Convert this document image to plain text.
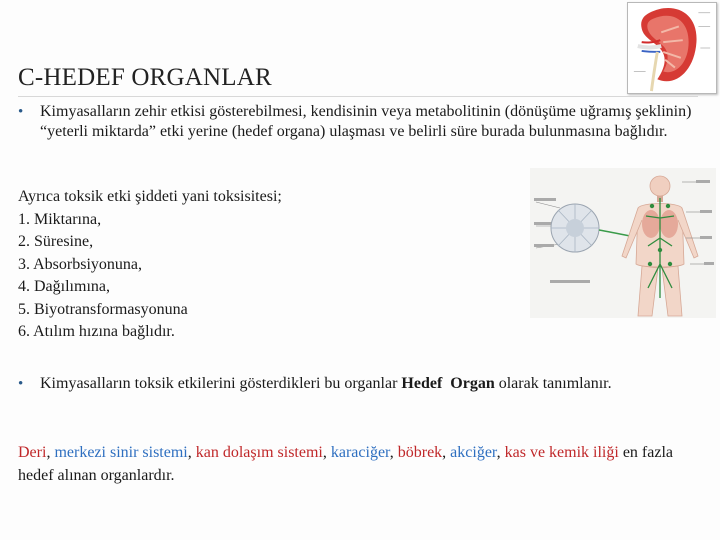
C-HEDEF ORGANLAR
• Kimyasalların zehir etkisi gösterebilmesi, kendisinin veya metabolitinin (dönüşüme uğramış şeklinin) “yeterli miktarda” etki yerine (hedef organa) ulaşması ve belirli süre burada bulunmasına bağlıdır.
Ayrıca toksik etki şiddeti yani toksisitesi;
1. Miktarına,
2. Süresine,
3. Absorbsiyonuna,
4. Dağılımına,
5. Biyotransformasyonuna
6. Atılım hızına bağlıdır.
• Kimyasalların toksik etkilerini gösterdikleri bu organlar Hedef Organ olarak tanımlanır.
Deri, merkezi sinir sistemi, kan dolaşım sistemi, karaciğer, böbrek, akciğer, kas ve kemik iliği en fazla hedef alınan organlardır.
